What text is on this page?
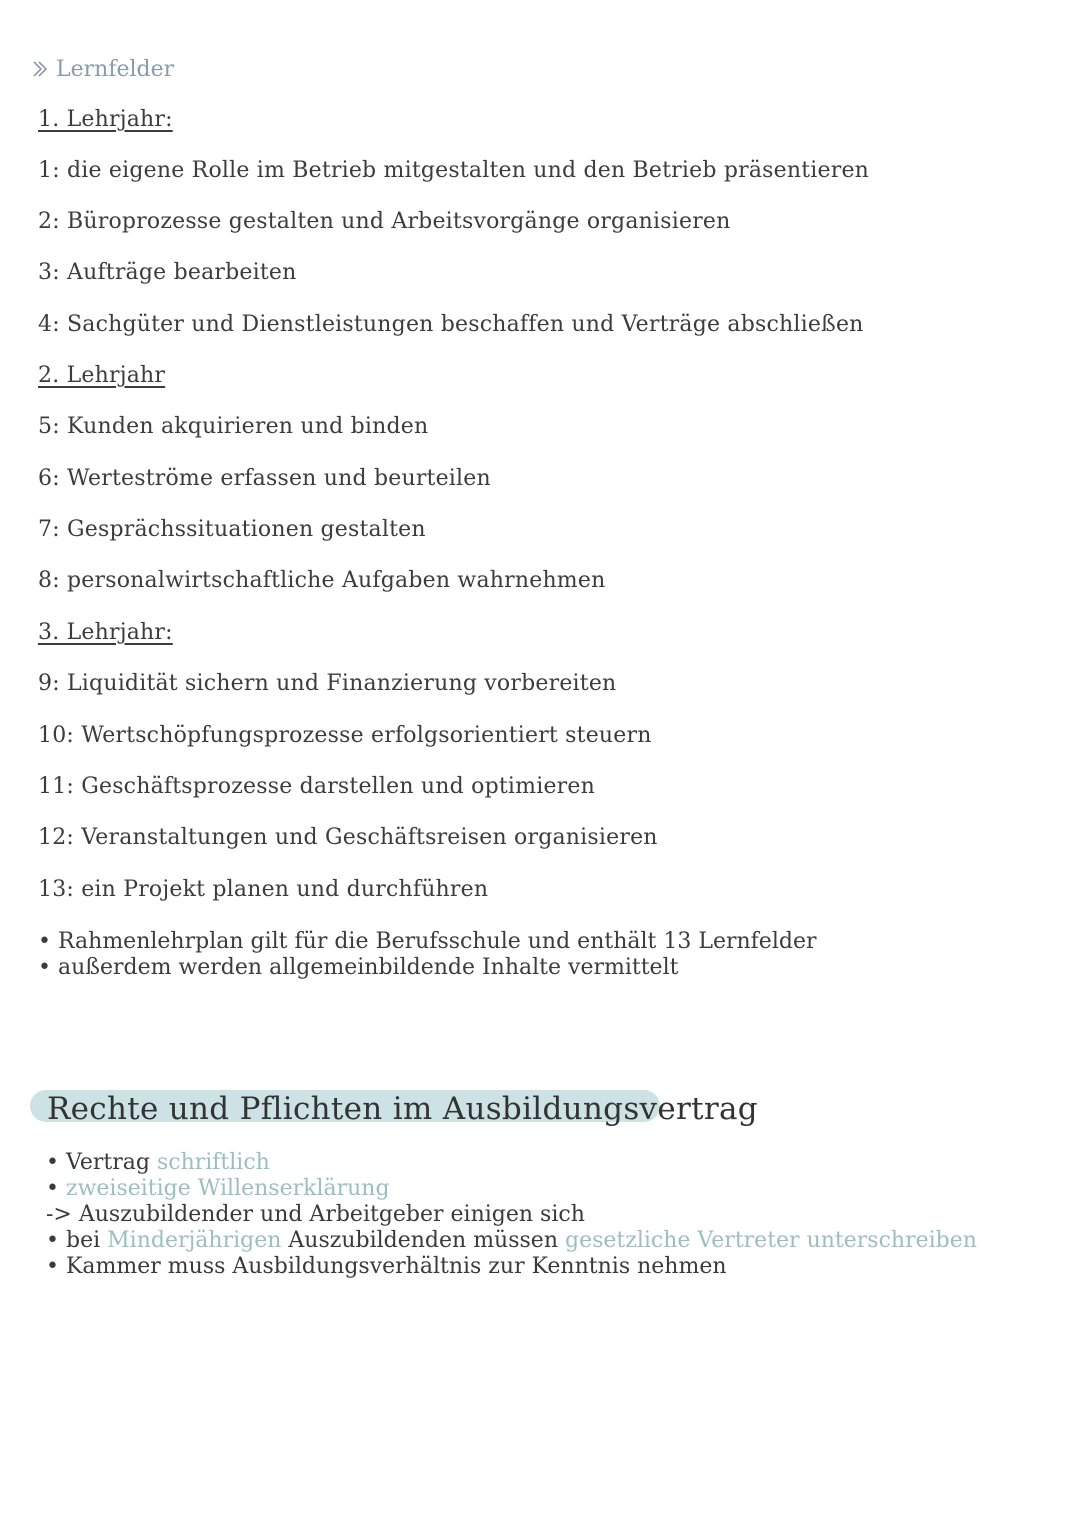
Lernfelder
1. Lehrjahr:
1: die eigene Rolle im Betrieb mitgestalten und den Betrieb präsentieren
2: Büroprozesse gestalten und Arbeitsvorgänge organisieren
3: Aufträge bearbeiten
4: Sachgüter und Dienstleistungen beschaffen und Verträge abschließen
2. Lehrjahr
5: Kunden akquirieren und binden
6: Werteströme erfassen und beurteilen
7: Gesprächssituationen gestalten
8: personalwirtschaftliche Aufgaben wahrnehmen
3. Lehrjahr:
9: Liquidität sichern und Finanzierung vorbereiten
10: Wertschöpfungsprozesse erfolgsorientiert steuern
11: Geschäftsprozesse darstellen und optimieren
12: Veranstaltungen und Geschäftsreisen organisieren
13: ein Projekt planen und durchführen
• Rahmenlehrplan gilt für die Berufsschule und enthält 13 Lernfelder
• außerdem werden allgemeinbildende Inhalte vermittelt
Rechte und Pflichten im Ausbildungsvertrag
• Vertrag schriftlich
• zweiseitige Willenserklärung
-> Auszubildender und Arbeitgeber einigen sich
• bei Minderjährigen Auszubildenden müssen gesetzliche Vertreter unterschreiben
• Kammer muss Ausbildungsverhältnis zur Kenntnis nehmen
